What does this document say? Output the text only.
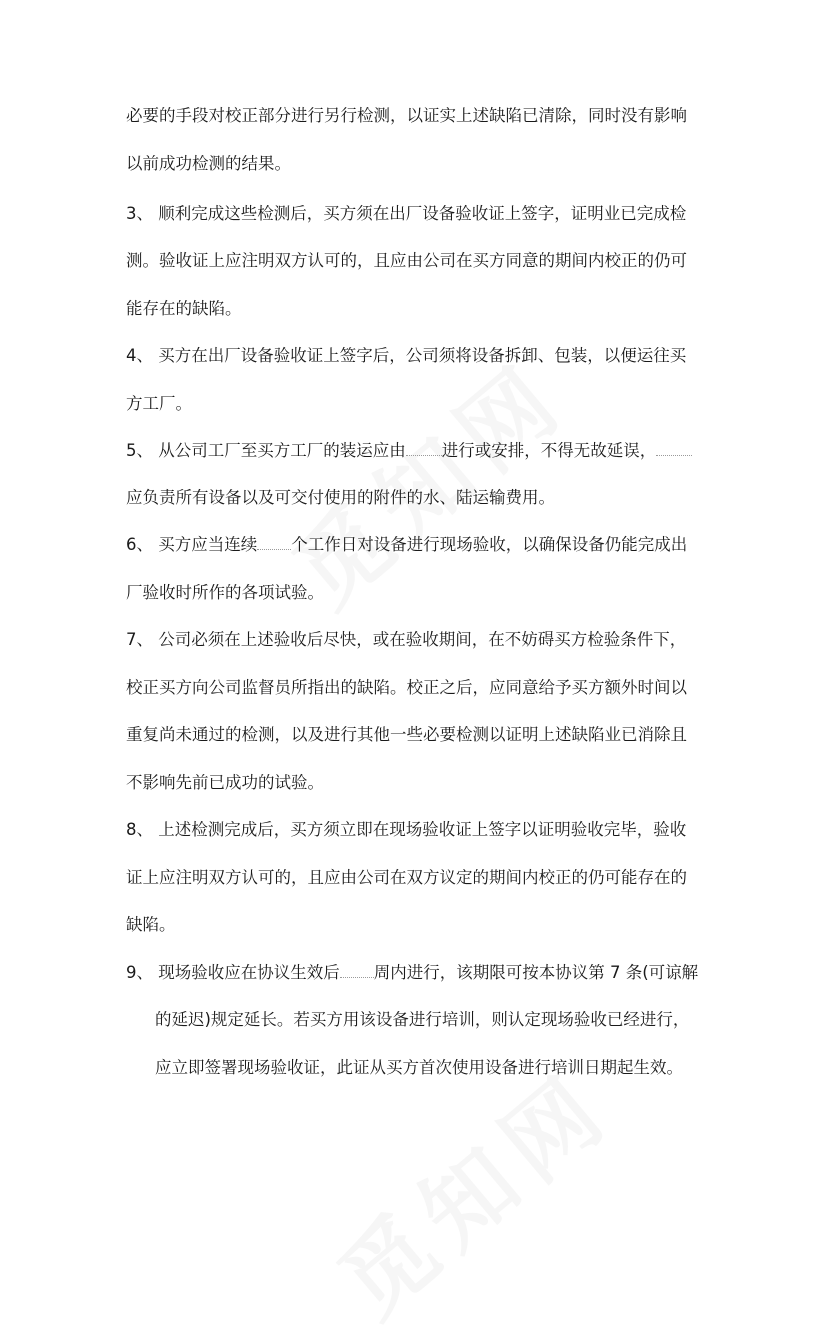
必要的手段对校正部分进行另行检测，以证实上述缺陷已清除，同时没有影响
以前成功检测的结果。
3、 顺利完成这些检测后，买方须在出厂设备验收证上签字，证明业已完成检
测。验收证上应注明双方认可的，且应由公司在买方同意的期间内校正的仍可
能存在的缺陷。
4、 买方在出厂设备验收证上签字后，公司须将设备拆卸、包装，以便运往买
方工厂。
5、 从公司工厂至买方工厂的装运应由 进行或安排，不得无故延误，
应负责所有设备以及可交付使用的附件的水、陆运输费用。
6、 买方应当连续 个工作日对设备进行现场验收，以确保设备仍能完成出
厂验收时所作的各项试验。
7、 公司必须在上述验收后尽快，或在验收期间，在不妨碍买方检验条件下，
校正买方向公司监督员所指出的缺陷。校正之后，应同意给予买方额外时间以
重复尚未通过的检测，以及进行其他一些必要检测以证明上述缺陷业已消除且
不影响先前已成功的试验。
8、 上述检测完成后，买方须立即在现场验收证上签字以证明验收完毕，验收
证上应注明双方认可的，且应由公司在双方议定的期间内校正的仍可能存在的
缺陷。
9、 现场验收应在协议生效后 周内进行，该期限可按本协议第 7 条(可谅解
的延迟)规定延长。若买方用该设备进行培训，则认定现场验收已经进行，
应立即签署现场验收证，此证从买方首次使用设备进行培训日期起生效。
